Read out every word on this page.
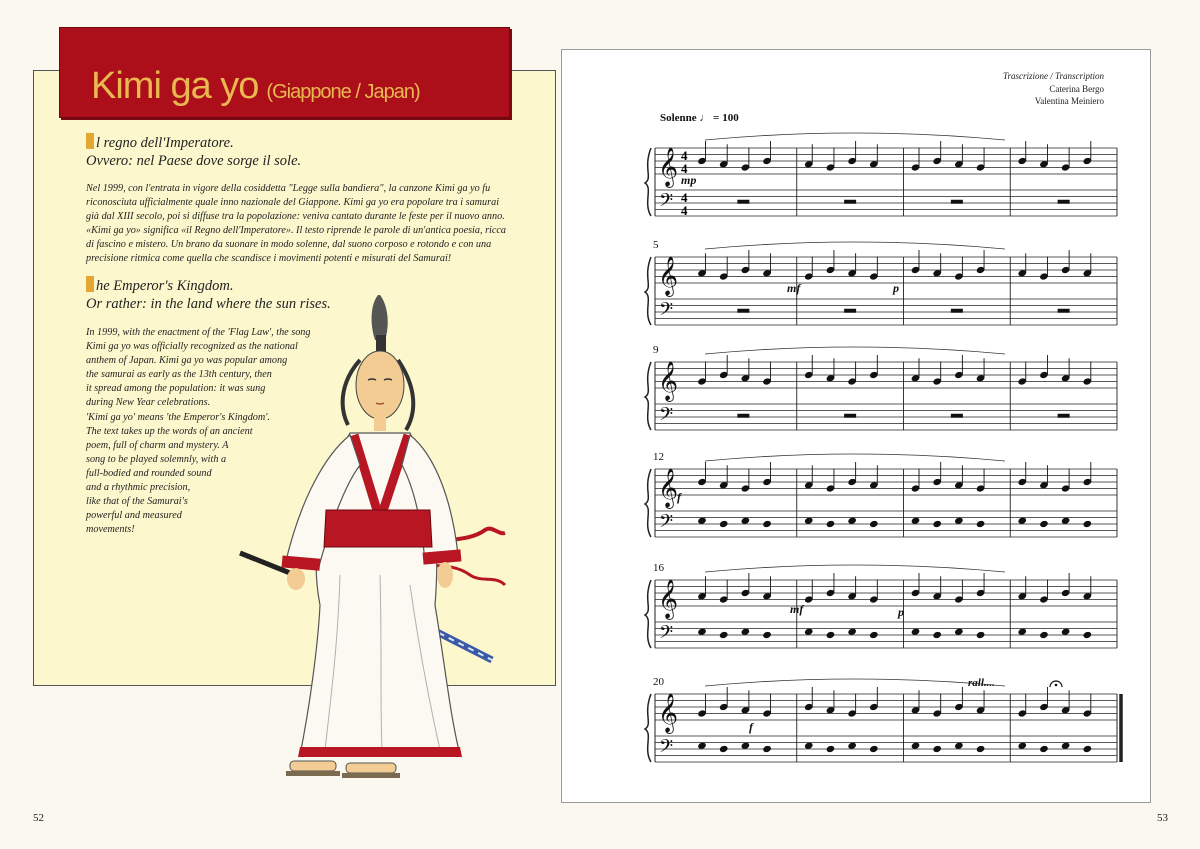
Kimi ga yo (Giappone / Japan)
l regno dell'Imperatore.
Ovvero: nel Paese dove sorge il sole.
Nel 1999, con l'entrata in vigore della cosiddetta "Legge sulla bandiera", la canzone Kimi ga yo fu
riconosciuta ufficialmente quale inno nazionale del Giappone. Kimi ga yo era popolare tra i samurai
già dal XIII secolo, poi si diffuse tra la popolazione: veniva cantato durante le feste per il nuovo anno.
«Kimi ga yo» significa «il Regno dell'Imperatore». Il testo riprende le parole di un'antica poesia, ricca
di fascino e mistero. Un brano da suonare in modo solenne, dal suono corposo e rotondo e con una
precisione ritmica come quella che scandisce i movimenti potenti e misurati del Samurai!
he Emperor's Kingdom.
Or rather: in the land where the sun rises.
In 1999, with the enactment of the 'Flag Law', the song
Kimi ga yo was officially recognized as the national
anthem of Japan. Kimi ga yo was popular among
the samurai as early as the 13th century, then
it spread among the population: it was sung
during New Year celebrations.
'Kimi ga yo' means 'the Emperor's Kingdom'.
The text takes up the words of an ancient
poem, full of charm and mystery. A
song to be played solemnly, with a
full-bodied and rounded sound
and a rhythmic precision,
like that of the Samurai's
powerful and measured
movements!
Trascrizione / Transcription
Caterina Bergo
Valentina Meiniero
Solenne ♩ = 100
𝄞
𝄢
4
4
4
4
𝄞
𝄢
5
𝄞
𝄢
9
𝄞
𝄢
12
𝄞
𝄢
16
𝄞
𝄢
20
mp
mf	p
f
mf	p
f
rall....
52	53
